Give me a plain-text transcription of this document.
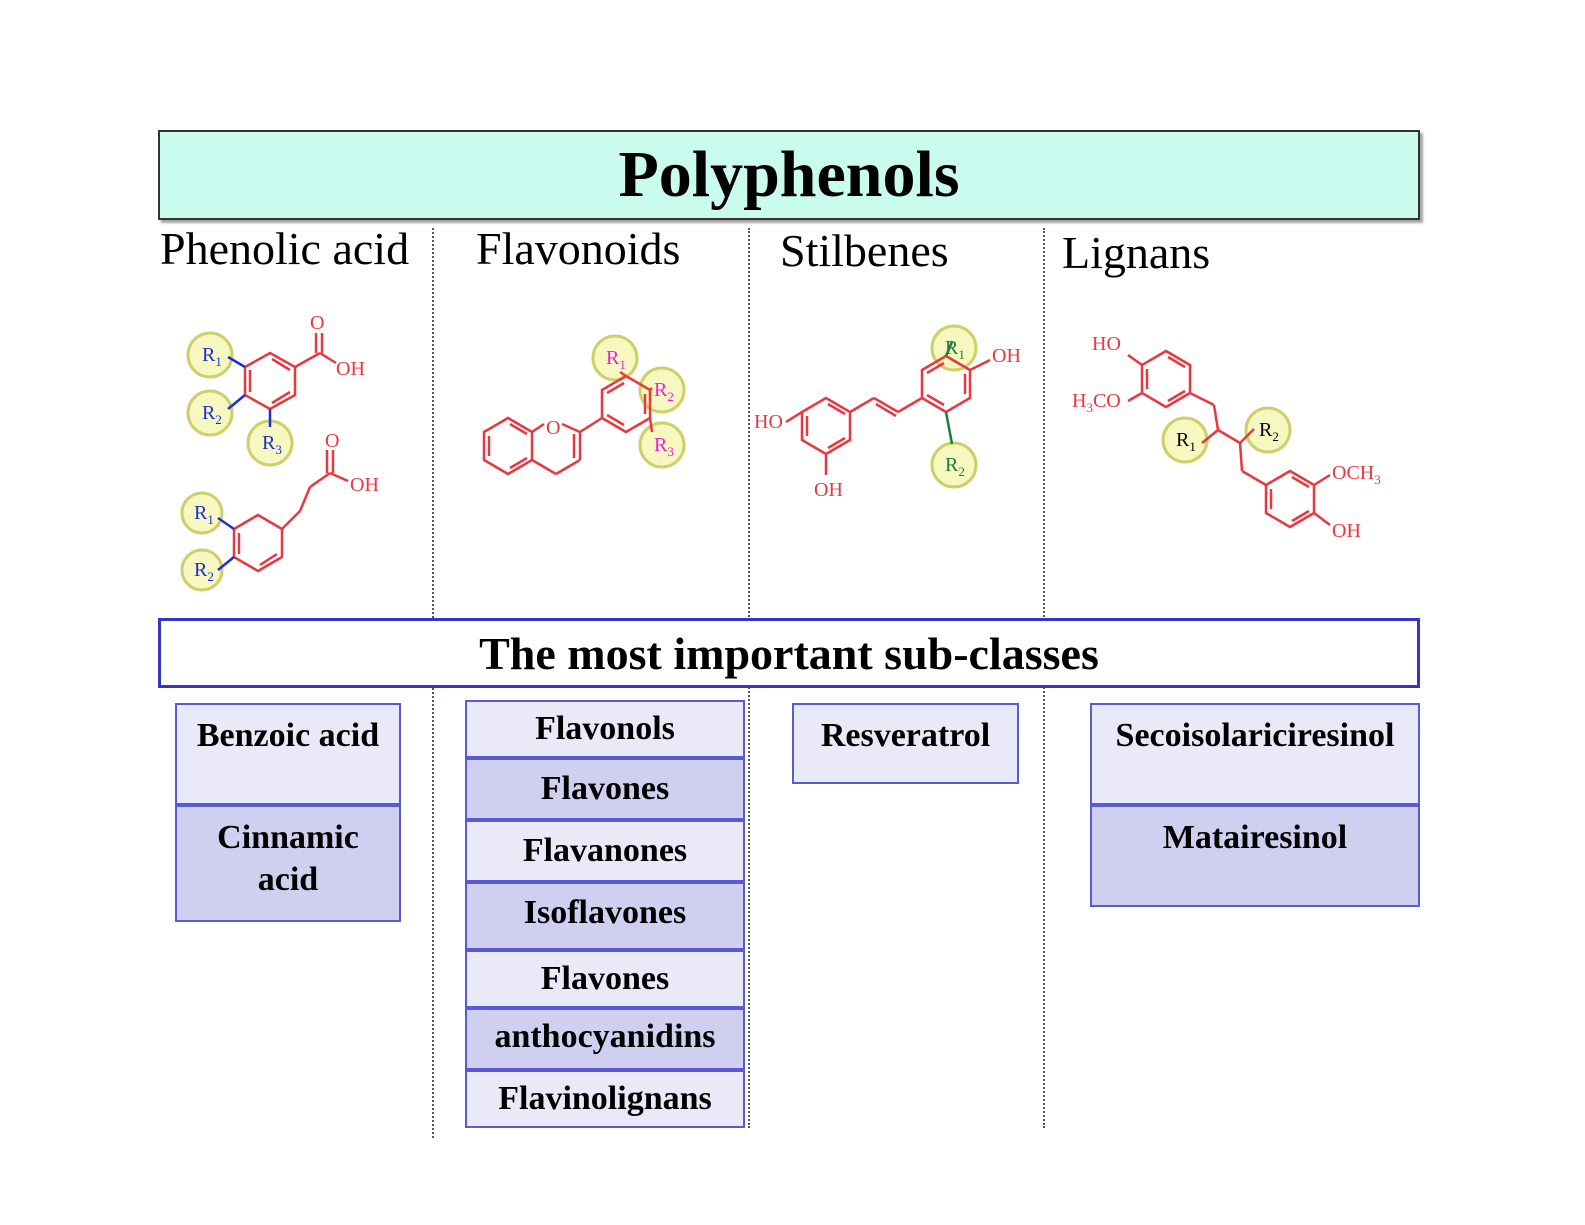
Polyphenols
Phenolic acid Flavonoids Stilbenes Lignans
O
OH
$R_1$
$R_2$
$R_3$ O
OH
$R_1$
$R_2$
O
$R_1$
$R_2$
$R_3$
HO
OH
OH
$R_1$
$R_2$
HO
$H_3CO$
$OCH_3$
OH
$R_1$
$R_2$
The most important sub-classes
Benzoic acid
Cinnamic
acid
Flavonols
Flavones
Flavanones
Isoflavones
Flavones
anthocyanidins
Flavinolignans
Resveratrol	Secoisolariciresinol
Matairesinol
